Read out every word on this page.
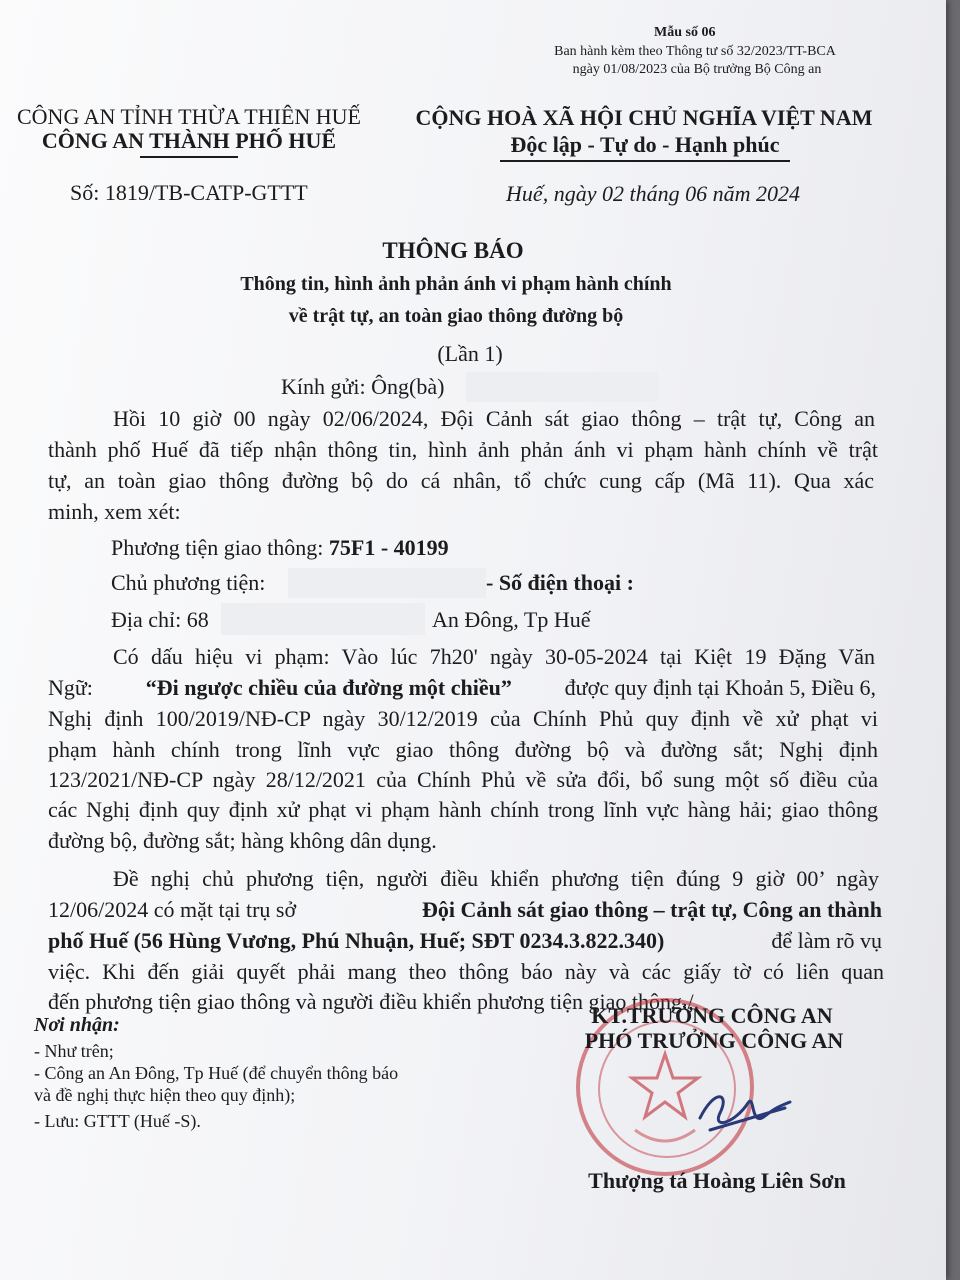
Mẫu số 06
Ban hành kèm theo Thông tư số 32/2023/TT-BCA
ngày 01/08/2023 của Bộ trưởng Bộ Công an
CÔNG AN TỈNH THỪA THIÊN HUẾ
CÔNG AN THÀNH PHỐ HUẾ
Số: 1819/TB-CATP-GTTT
CỘNG HOÀ XÃ HỘI CHỦ NGHĨA VIỆT NAM
Độc lập - Tự do - Hạnh phúc
Huế, ngày 02 tháng 06 năm 2024
THÔNG BÁO
Thông tin, hình ảnh phản ánh vi phạm hành chính
về trật tự, an toàn giao thông đường bộ
(Lần 1)
Kính gửi: Ông(bà)
Hồi 10 giờ 00 ngày 02/06/2024, Đội Cảnh sát giao thông – trật tự, Công an
thành phố Huế đã tiếp nhận thông tin, hình ảnh phản ánh vi phạm hành chính về trật
tự, an toàn giao thông đường bộ do cá nhân, tổ chức cung cấp (Mã 11). Qua xác
minh, xem xét:
Phương tiện giao thông: 75F1 - 40199
Chủ phương tiện:	- Số điện thoại :
Địa chỉ: 68	An Đông, Tp Huế
Có dấu hiệu vi phạm: Vào lúc 7h20' ngày 30-05-2024 tại Kiệt 19 Đặng Văn
Ngữ: “Đi ngược chiều của đường một chiều” được quy định tại Khoản 5, Điều 6,
Nghị định 100/2019/NĐ-CP ngày 30/12/2019 của Chính Phủ quy định về xử phạt vi
phạm hành chính trong lĩnh vực giao thông đường bộ và đường sắt; Nghị định
123/2021/NĐ-CP ngày 28/12/2021 của Chính Phủ về sửa đổi, bổ sung một số điều của
các Nghị định quy định xử phạt vi phạm hành chính trong lĩnh vực hàng hải; giao thông
đường bộ, đường sắt; hàng không dân dụng.
Đề nghị chủ phương tiện, người điều khiển phương tiện đúng 9 giờ 00’ ngày
12/06/2024 có mặt tại trụ sở	Đội Cảnh sát giao thông – trật tự, Công an thành
phố Huế (56 Hùng Vương, Phú Nhuận, Huế; SĐT 0234.3.822.340)	để làm rõ vụ
việc. Khi đến giải quyết phải mang theo thông báo này và các giấy tờ có liên quan
đến phương tiện giao thông và người điều khiển phương tiện giao thông./.
Nơi nhận:
- Như trên;
- Công an An Đông, Tp Huế (để chuyển thông báo
và đề nghị thực hiện theo quy định);
- Lưu: GTTT (Huế -S).
KT.TRƯỞNG CÔNG AN
PHÓ TRƯỞNG CÔNG AN
Thượng tá Hoàng Liên Sơn
